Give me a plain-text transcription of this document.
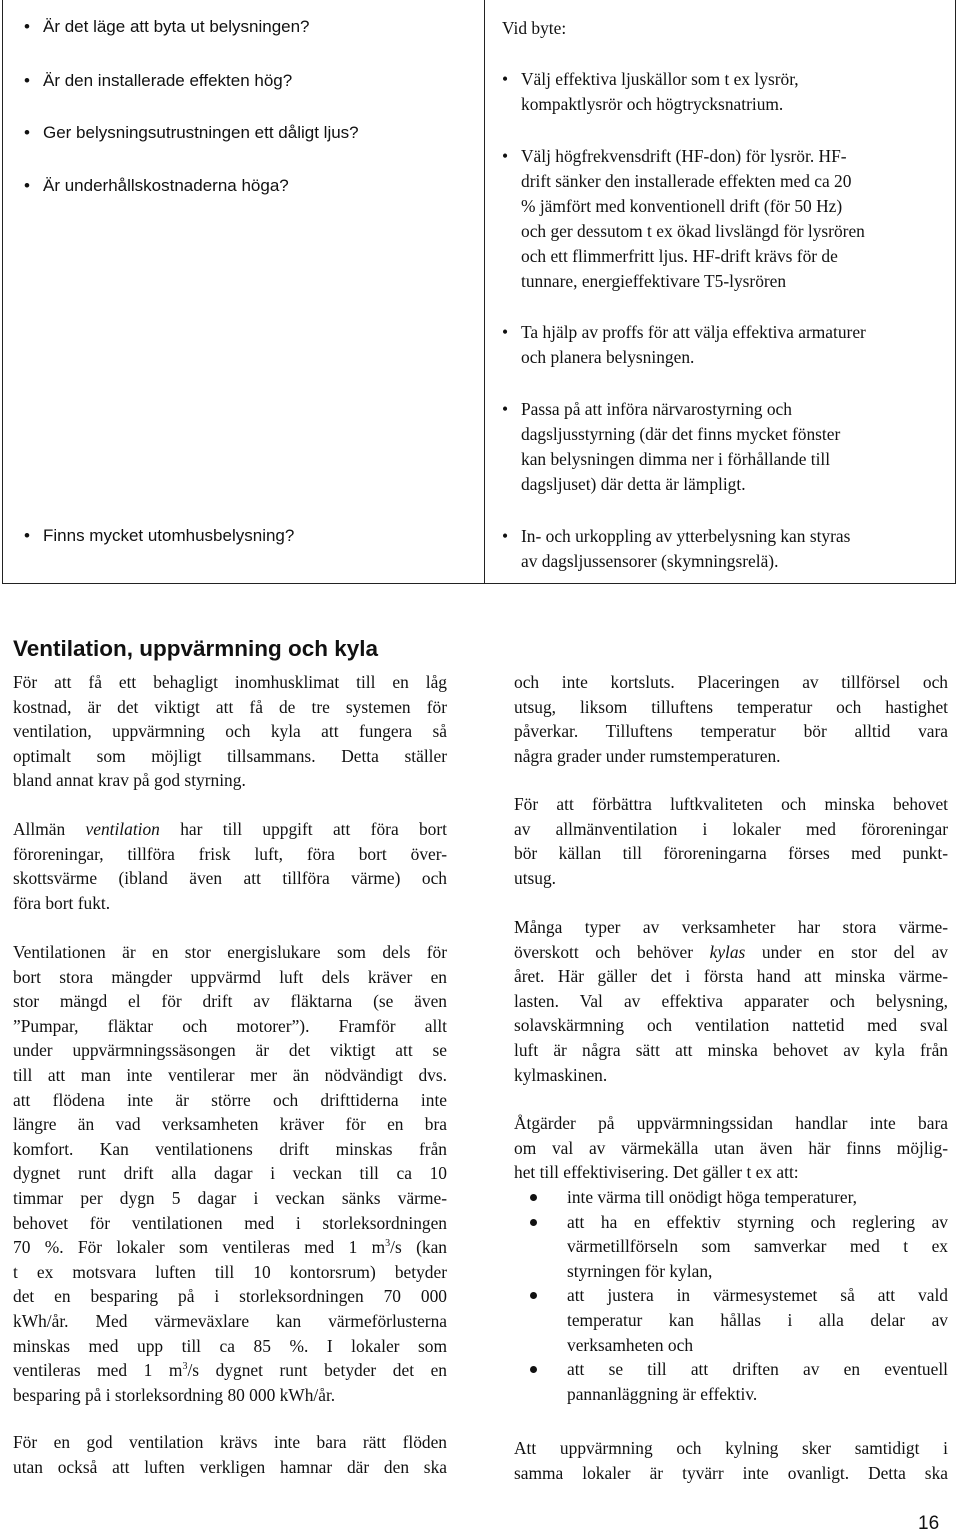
• Är det läge att byta ut belysningen?

• Är den installerade effekten hög?

• Ger belysningsutrustningen ett dåligt ljus?

• Är underhållskostnaderna höga?

• Finns mycket utomhusbelysning?

Vid byte:

• Välj effektiva ljuskällor som t ex lysrör,
kompaktlysrör och högtrycksnatrium.
• Välj högfrekvensdrift (HF-don) för lysrör. HF-
drift sänker den installerade effekten med ca 20
% jämfört med konventionell drift (för 50 Hz)
och ger dessutom t ex ökad livslängd för lysrören
och ett flimmerfritt ljus. HF-drift krävs för de
tunnare, energieffektivare T5-lysrören
• Ta hjälp av proffs för att välja effektiva armaturer
och planera belysningen.
• Passa på att införa närvarostyrning och
dagsljusstyrning (där det finns mycket fönster
kan belysningen dimma ner i förhållande till
dagsljuset) där detta är lämpligt.
• In- och urkoppling av ytterbelysning kan styras
av dagsljussensorer (skymningsrelä).
Ventilation, uppvärmning och kyla

För att få ett behagligt inomhusklimat till en låg
kostnad, är det viktigt att få de tre systemen för
ventilation, uppvärmning och kyla att fungera så
optimalt som möjligt tillsammans. Detta ställer
bland annat krav på god styrning.

Allmän ventilation har till uppgift att föra bort
föroreningar, tillföra frisk luft, föra bort över-
skottsvärme (ibland även att tillföra värme) och
föra bort fukt.

Ventilationen är en stor energislukare som dels för
bort stora mängder uppvärmd luft dels kräver en
stor mängd el för drift av fläktarna (se även
”Pumpar, fläktar och motorer”). Framför allt
under uppvärmningssäsongen är det viktigt att se
till att man inte ventilerar mer än nödvändigt dvs.
att flödena inte är större och drifttiderna inte
längre än vad verksamheten kräver för en bra
komfort. Kan ventilationens drift minskas från
dygnet runt drift alla dagar i veckan till ca 10
timmar per dygn 5 dagar i veckan sänks värme-
behovet för ventilationen med i storleksordningen
70 %. För lokaler som ventileras med 1 $m^3/s$ (kan
t ex motsvara luften till 10 kontorsrum) betyder
det en besparing på i storleksordningen 70 000
kWh/år. Med värmeväxlare kan värmeförlusterna
minskas med upp till ca 85 %. I lokaler som
ventileras med 1 $m^3/s$ dygnet runt betyder det en
besparing på i storleksordning 80 000 kWh/år.

För en god ventilation krävs inte bara rätt flöden
utan också att luften verkligen hamnar där den ska

och inte kortsluts. Placeringen av tillförsel och
utsug, liksom tilluftens temperatur och hastighet
påverkar. Tilluftens temperatur bör alltid vara
några grader under rumstemperaturen.

För att förbättra luftkvaliteten och minska behovet
av allmänventilation i lokaler med föroreningar
bör källan till föroreningarna förses med punkt-
utsug.

Många typer av verksamheter har stora värme-
överskott och behöver kylas under en stor del av
året. Här gäller det i första hand att minska värme-
lasten. Val av effektiva apparater och belysning,
solavskärmning och ventilation nattetid med sval
luft är några sätt att minska behovet av kyla från
kylmaskinen.

Åtgärder på uppvärmningssidan handlar inte bara
om val av värmekälla utan även här finns möjlig-
het till effektivisering. Det gäller t ex att:

inte värma till onödigt höga temperaturer,
att ha en effektiv styrning och reglering av
värmetillförseln som samverkar med t ex
styrningen för kylan,
att justera in värmesystemet så att vald
temperatur kan hållas i alla delar av
verksamheten och
att se till att driften av en eventuell
pannanläggning är effektiv.

Att uppvärmning och kylning sker samtidigt i
samma lokaler är tyvärr inte ovanligt. Detta ska

16
